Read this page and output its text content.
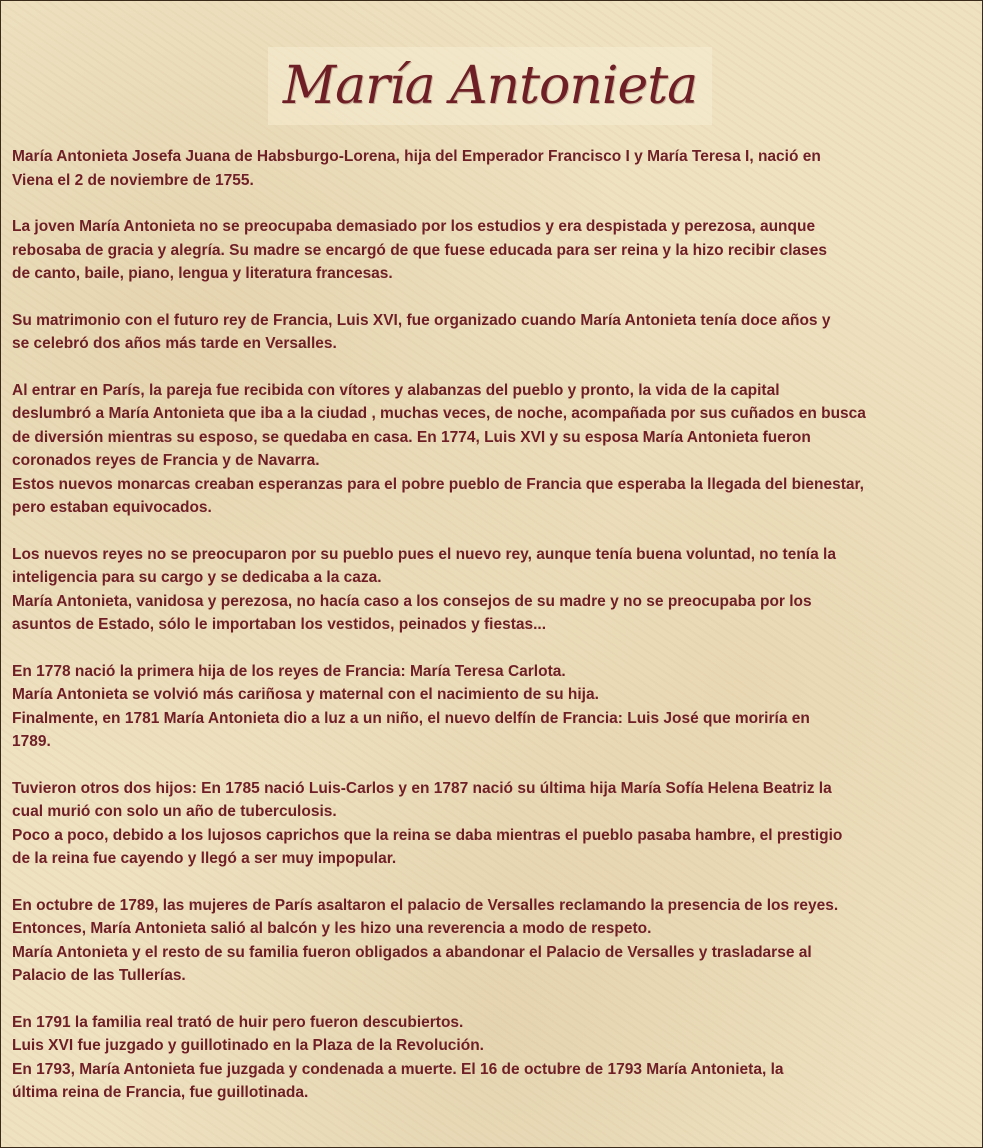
María Antonieta

María Antonieta Josefa Juana de Habsburgo-Lorena, hija del Emperador Francisco I y María Teresa I, nació en
Viena el 2 de noviembre de 1755.

La joven María Antonieta no se preocupaba demasiado por los estudios y era despistada y perezosa, aunque
rebosaba de gracia y alegría. Su madre se encargó de que fuese educada para ser reina y la hizo recibir clases
de canto, baile, piano, lengua y literatura francesas.

Su matrimonio con el futuro rey de Francia, Luis XVI, fue organizado cuando María Antonieta tenía doce años y
se celebró dos años más tarde en Versalles.

Al entrar en París, la pareja fue recibida con vítores y alabanzas del pueblo y pronto, la vida de la capital
deslumbró a María Antonieta que iba a la ciudad , muchas veces, de noche, acompañada por sus cuñados en busca
de diversión mientras su esposo, se quedaba en casa. En 1774, Luis XVI y su esposa María Antonieta fueron
coronados reyes de Francia y de Navarra.
Estos nuevos monarcas creaban esperanzas para el pobre pueblo de Francia que esperaba la llegada del bienestar,
pero estaban equivocados.

Los nuevos reyes no se preocuparon por su pueblo pues el nuevo rey, aunque tenía buena voluntad, no tenía la
inteligencia para su cargo y se dedicaba a la caza.
María Antonieta, vanidosa y perezosa, no hacía caso a los consejos de su madre y no se preocupaba por los
asuntos de Estado, sólo le importaban los vestidos, peinados y fiestas...

En 1778 nació la primera hija de los reyes de Francia: María Teresa Carlota.
María Antonieta se volvió más cariñosa y maternal con el nacimiento de su hija.
Finalmente, en 1781 María Antonieta dio a luz a un niño, el nuevo delfín de Francia: Luis José que moriría en
1789.

Tuvieron otros dos hijos: En 1785 nació Luis-Carlos y en 1787 nació su última hija María Sofía Helena Beatriz la
cual murió con solo un año de tuberculosis.
Poco a poco, debido a los lujosos caprichos que la reina se daba mientras el pueblo pasaba hambre, el prestigio
de la reina fue cayendo y llegó a ser muy impopular.

En octubre de 1789, las mujeres de París asaltaron el palacio de Versalles reclamando la presencia de los reyes.
Entonces, María Antonieta salió al balcón y les hizo una reverencia a modo de respeto.
María Antonieta y el resto de su familia fueron obligados a abandonar el Palacio de Versalles y trasladarse al
Palacio de las Tullerías.

En 1791 la familia real trató de huir pero fueron descubiertos.
Luis XVI fue juzgado y guillotinado en la Plaza de la Revolución.
En 1793, María Antonieta fue juzgada y condenada a muerte. El 16 de octubre de 1793 María Antonieta, la
última reina de Francia, fue guillotinada.
